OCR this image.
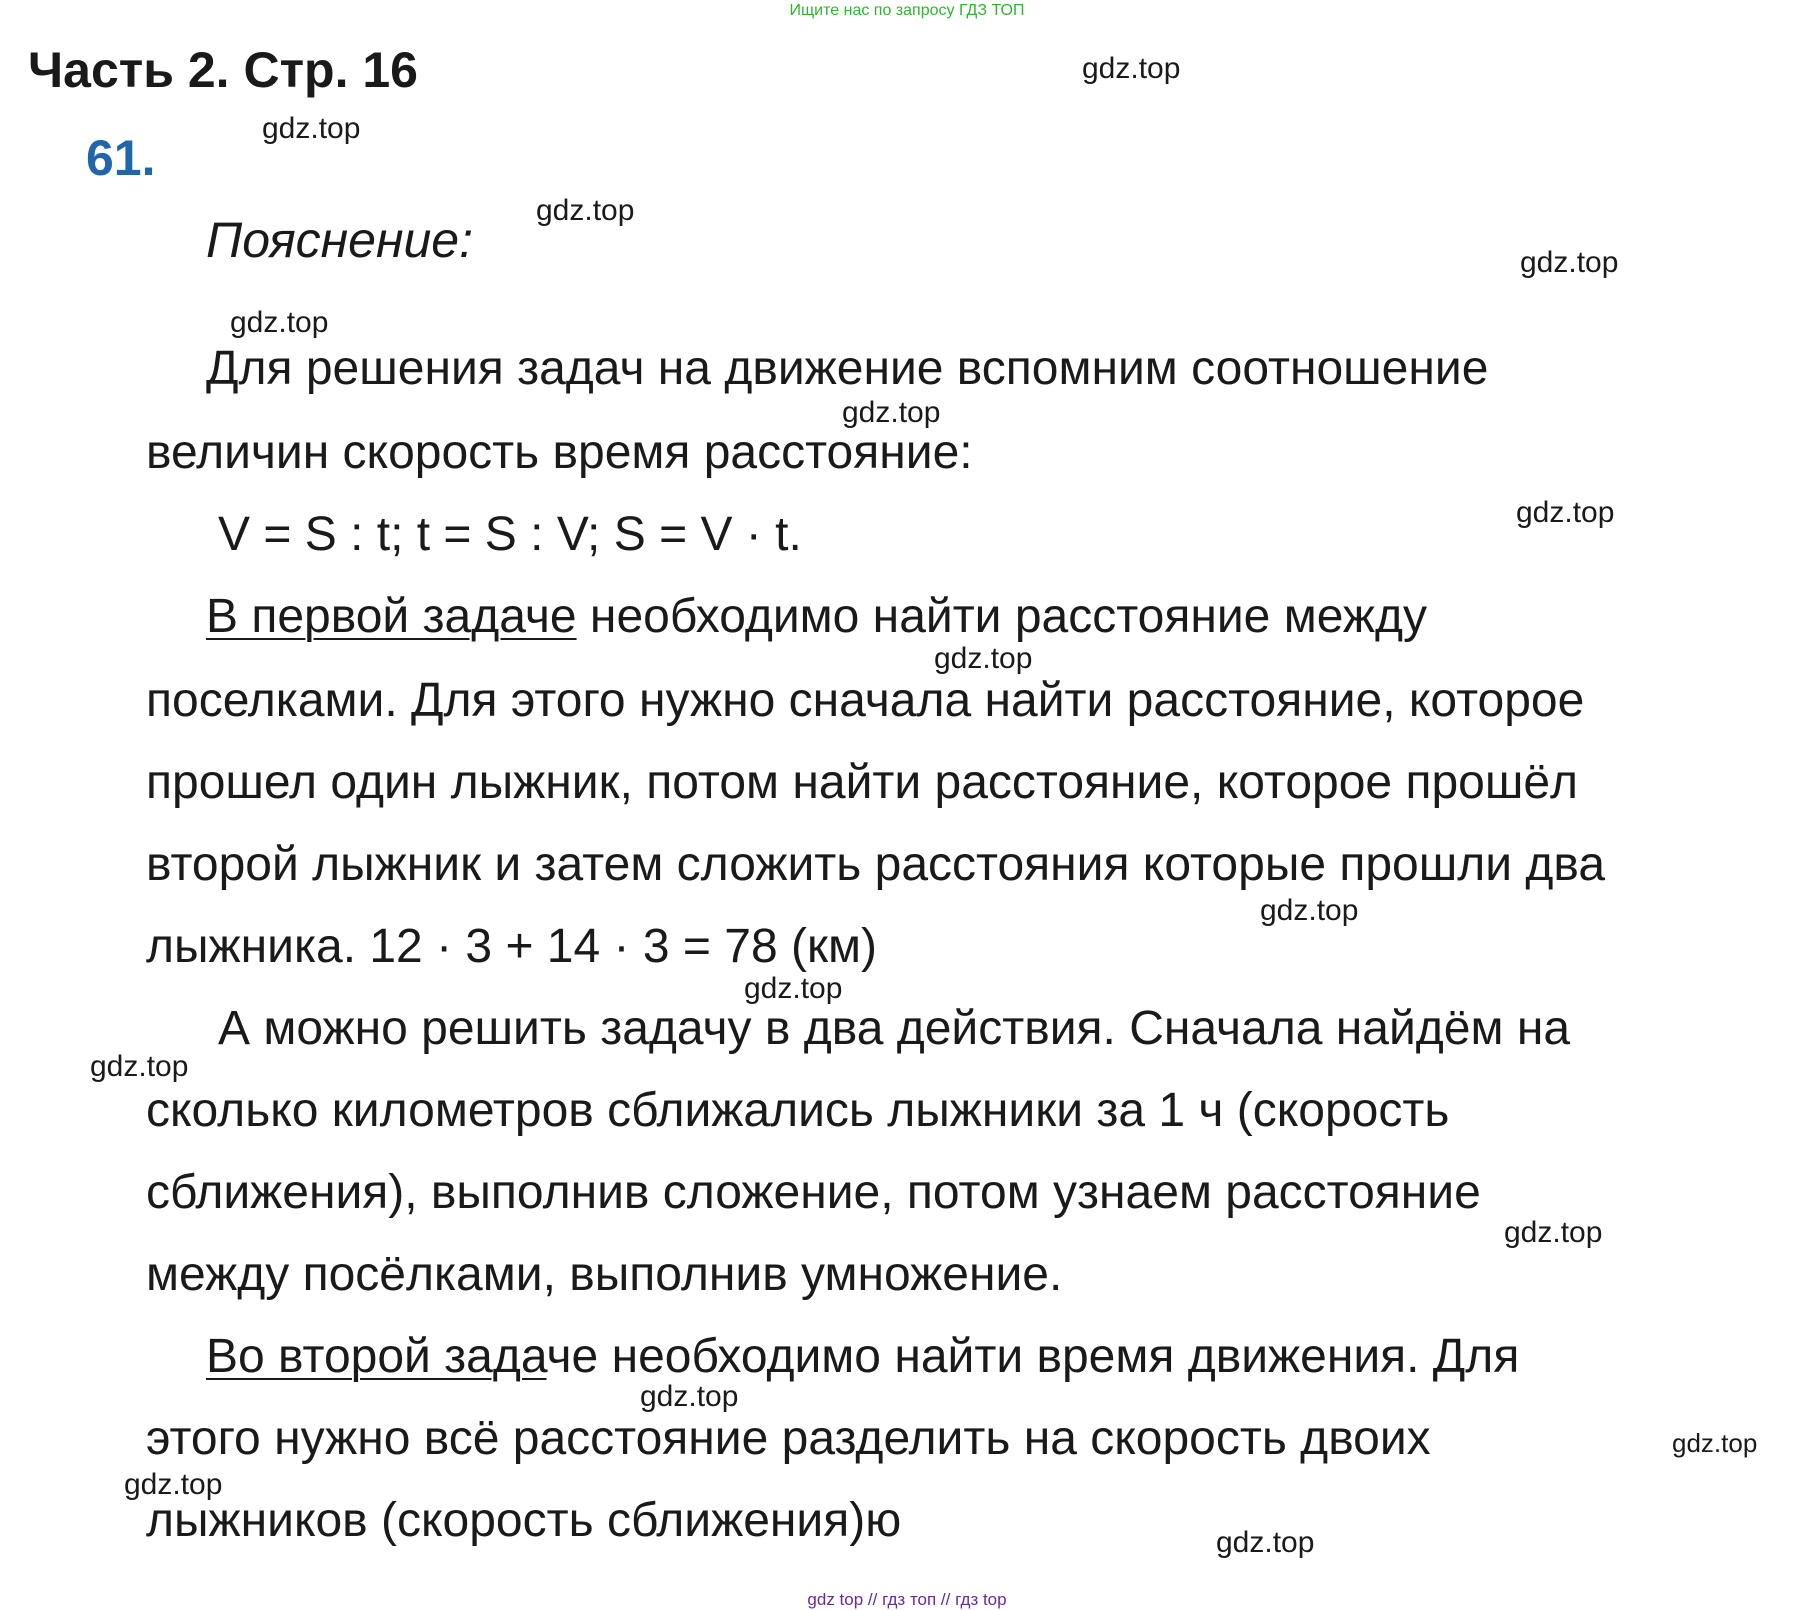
Ищите нас по запросу ГДЗ ТОП
Часть 2. Стр. 16
61.
Пояснение:
Для решения задач на движение вспомним соотношение
величин скорость время расстояние:
V = S : t; t = S : V; S = V · t.
В первой задаче необходимо найти расстояние между
поселками. Для этого нужно сначала найти расстояние, которое
прошел один лыжник, потом найти расстояние, которое прошёл
второй лыжник и затем сложить расстояния которые прошли два
лыжника. 12 · 3 + 14 · 3 = 78 (км)
А можно решить задачу в два действия. Сначала найдём на
сколько километров сближались лыжники за 1 ч (скорость
сближения), выполнив сложение, потом узнаем расстояние
между посёлками, выполнив умножение.
Во второй задаче необходимо найти время движения. Для
этого нужно всё расстояние разделить на скорость двоих
лыжников (скорость сближения)ю
gdz.top
gdz.top
gdz.top
gdz.top
gdz.top
gdz.top
gdz.top
gdz.top
gdz.top
gdz.top
gdz.top
gdz.top
gdz.top
gdz.top
gdz.top
gdz.top
gdz top // гдз топ // гдз top
